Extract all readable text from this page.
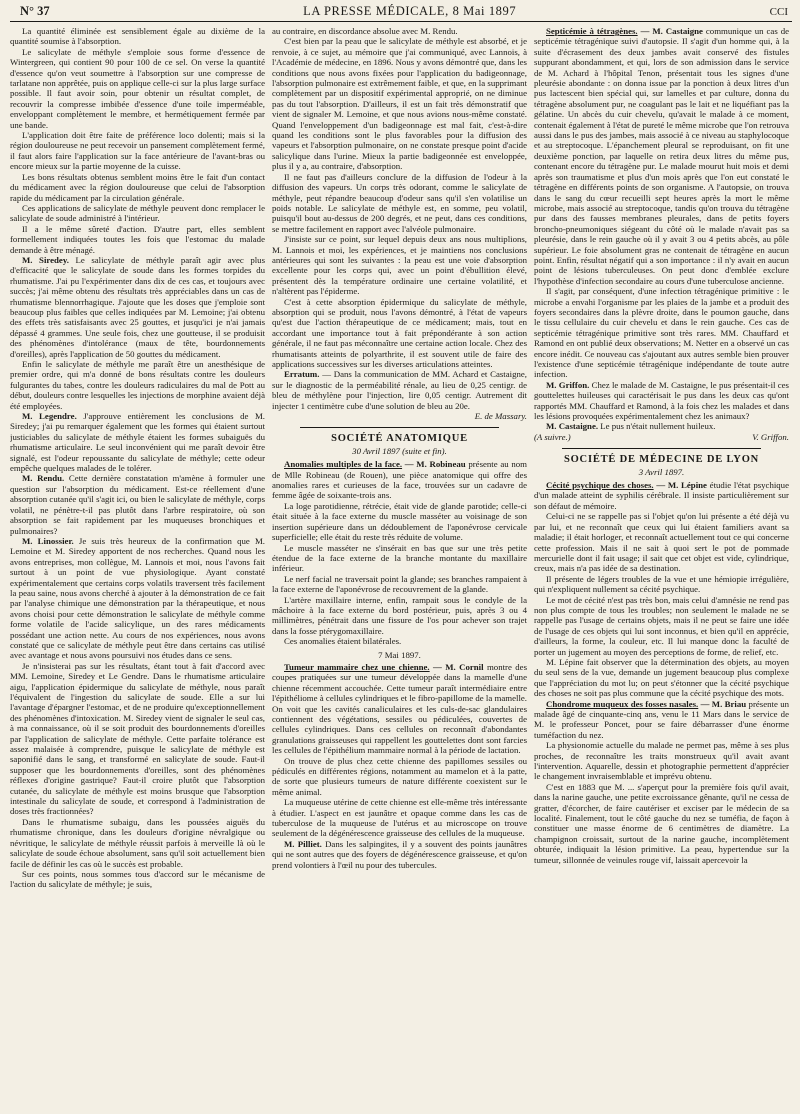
N° 37	LA PRESSE MÉDICALE, 8 Mai 1897	CCI

La quantité éliminée est sensiblement égale au dixième de la quantité soumise à l'absorption.

Le salicylate de méthyle s'emploie sous forme d'essence de Wintergreen, qui contient 90 pour 100 de ce sel. On verse la quantité d'essence qu'on veut soumettre à l'absorption sur une compresse de tarlatane non apprêtée, puis on applique celle-ci sur la plus large surface possible. Il faut avoir soin, pour obtenir un résultat complet, de recouvrir la compresse imbibée d'essence d'une toile imperméable, enveloppant complètement le membre, et hermétiquement fermée par une bande.

L'application doit être faite de préférence loco dolenti; mais si la région douloureuse ne peut recevoir un pansement complètement fermé, il faut alors faire l'application sur la face antérieure de l'avant-bras ou encore mieux sur la partie moyenne de la cuisse.

Les bons résultats obtenus semblent moins être le fait d'un contact du médicament avec la région douloureuse que celui de l'absorption rapide du médicament par la circulation générale.

Ces applications de salicylate de méthyle peuvent donc remplacer le salicylate de soude administré à l'intérieur.

Il a le même sûreté d'action. D'autre part, elles semblent formellement indiquées toutes les fois que l'estomac du malade demande à être ménagé.

M. Siredey. Le salicylate de méthyle paraît agir avec plus d'efficacité que le salicylate de soude dans les formes torpides du rhumatisme. J'ai pu l'expérimenter dans dix de ces cas, et toujours avec succès; j'ai même obtenu des résultats très appréciables dans un cas de rhumatisme blennorrhagique. J'ajoute que les doses que j'emploie sont beaucoup plus faibles que celles indiquées par M. Lemoine; j'ai obtenu des effets très satisfaisants avec 25 gouttes, et jusqu'ici je n'ai jamais dépassé 4 grammes. Une seule fois, chez une goutteuse, il se produisit des phénomènes d'intolérance (maux de tête, bourdonnements d'oreilles), après l'application de 50 gouttes du médicament.

Enfin le salicylate de méthyle me paraît être un anesthésique de premier ordre, qui m'a donné de bons résultats contre les douleurs fulgurantes du tabes, contre les douleurs radiculaires du mal de Pott au début, douleurs contre lesquelles les injections de morphine avaient déjà été employées.

M. Legendre. J'approuve entièrement les conclusions de M. Siredey; j'ai pu remarquer également que les formes qui étaient surtout justiciables du salicylate de méthyle étaient les formes subaiguës du rhumatisme articulaire. Le seul inconvénient qui me paraît devoir être signalé, est l'odeur repoussante du salicylate de méthyle; cette odeur empêche quelques malades de le tolérer.

M. Rendu. Cette dernière constatation m'amène à formuler une question sur l'absorption du médicament. Est-ce réellement d'une absorption cutanée qu'il s'agit ici, ou bien le salicylate de méthyle, corps volatil, ne pénètre-t-il pas plutôt dans l'arbre respiratoire, où son absorption se fait rapidement par les muqueuses bronchiques et pulmonaires?

M. Linossier. Je suis très heureux de la confirmation que M. Lemoine et M. Siredey apportent de nos recherches. Quand nous les avons entreprises, mon collègue, M. Lannois et moi, nous l'avons fait surtout à un point de vue physiologique. Ayant constaté expérimentalement que certains corps volatils traversent très facilement la peau saine, nous avons cherché à ajouter à la démonstration de ce fait par l'analyse chimique une démonstration par la thérapeutique, et nous avons choisi pour cette démonstration le salicylate de méthyle comme forme volatile de l'acide salicylique, un des rares médicaments possédant une action nette. Au cours de nos expériences, nous avons constaté que ce salicylate de méthyle peut être dans certains cas utilisé avec avantage et nous avons poursuivi nos études dans ce sens.

Je n'insisterai pas sur les résultats, étant tout à fait d'accord avec MM. Lemoine, Siredey et Le Gendre. Dans le rhumatisme articulaire aigu, l'application épidermique du salicylate de méthyle, nous paraît l'équivalent de l'ingestion du salicylate de soude. Elle a sur lui l'avantage d'épargner l'estomac, et de ne produire qu'exceptionnellement des phénomènes d'intoxication. M. Siredey vient de signaler le seul cas, à ma connaissance, où il se soit produit des bourdonnements d'oreilles par l'application de salicylate de méthyle. Cette parfaite tolérance est assez malaisée à comprendre, puisque le salicylate de méthyle est saponifié dans le sang, et transformé en salicylate de soude. Faut-il supposer que les bourdonnements d'oreilles, sont des phénomènes réflexes d'origine gastrique? Faut-il croire plutôt que l'absorption cutanée, du salicylate de méthyle est moins brusque que l'absorption intestinale du salicylate de soude, et correspond à l'administration de doses très fractionnées?

Dans le rhumatisme subaigu, dans les poussées aiguës du rhumatisme chronique, dans les douleurs d'origine névralgique ou névritique, le salicylate de méthyle réussit parfois à merveille là où le salicylate de soude échoue absolument, sans qu'il soit actuellement bien facile de définir les cas où le succès est probable.

Sur ces points, nous sommes tous d'accord sur le mécanisme de l'action du salicylate de méthyle; je suis,

au contraire, en discordance absolue avec M. Rendu.

C'est bien par la peau que le salicylate de méthyle est absorbé, et je renvoie, à ce sujet, au mémoire que j'ai communiqué, avec Lannois, à l'Académie de médecine, en 1896. Nous y avons démontré que, dans les conditions que nous avons fixées pour l'application du badigeonnage, l'absorption pulmonaire est extrêmement faible, et que, en la supprimant complètement par un dispositif expérimental approprié, on ne diminue pas du tout l'absorption. D'ailleurs, il est un fait très démonstratif que vient de signaler M. Lemoine, et que nous avions nous-même constaté. Quand l'enveloppement d'un badigeonnage est mal fait, c'est-à-dire quand les conditions sont le plus favorables pour la diffusion des vapeurs et l'absorption pulmonaire, on ne constate presque point d'acide salicylique dans l'urine. Mieux la partie badigeonnée est enveloppée, plus il y a, au contraire, d'absorption.

Il ne faut pas d'ailleurs conclure de la diffusion de l'odeur à la diffusion des vapeurs. Un corps très odorant, comme le salicylate de méthyle, peut répandre beaucoup d'odeur sans qu'il s'en volatilise un poids notable. Le salicylate de méthyle est, en somme, peu volatil, puisqu'il bout au-dessus de 200 degrés, et ne peut, dans ces conditions, se mettre facilement en rapport avec l'alvéole pulmonaire.

J'insiste sur ce point, sur lequel depuis deux ans nous multiplions, M. Lannois et moi, les expériences, et je maintiens nos conclusions antérieures qui sont les suivantes : la peau est une voie d'absorption excellente pour les corps qui, avec un point d'ébullition élevé, présentent dès la température ordinaire une certaine volatilité, et n'altèrent pas l'épiderme.

C'est à cette absorption épidermique du salicylate de méthyle, absorption qui se produit, nous l'avons démontré, à l'état de vapeurs qu'est due l'action thérapeutique de ce médicament; mais, tout en accordant une importance tout à fait prépondérante à son action générale, il ne faut pas méconnaître une certaine action locale. Chez des rhumatisants atteints de polyarthrite, il est souvent utile de faire des applications successives sur les diverses articulations atteintes.

Erratum. — Dans la communication de MM. Achard et Castaigne, sur le diagnostic de la perméabilité rénale, au lieu de 0,25 centigr. de bleu de méthylène pour l'injection, lire 0,05 centigr. Autrement dit injecter 1 centimètre cube d'une solution de bleu au 20e.

E. de Massary.
SOCIÉTÉ ANATOMIQUE
30 Avril 1897 (suite et fin).

Anomalies multiples de la face. — M. Robineau présente au nom de Mlle Robineau (de Rouen), une pièce anatomique qui offre des anomalies rares et curieuses de la face, trouvées sur un cadavre de femme âgée de soixante-trois ans.

La loge parotidienne, rétrécie, était vide de glande parotide; celle-ci était située à la face externe du muscle masséter au voisinage de son insertion supérieure dans un dédoublement de l'aponévrose cervicale superficielle; elle était du reste très réduite de volume.

Le muscle masséter ne s'insérait en bas que sur une très petite étendue de la face externe de la branche montante du maxillaire inférieur.

Le nerf facial ne traversait point la glande; ses branches rampaient à la face externe de l'aponévrose de recouvrement de la glande.

L'artère maxillaire interne, enfin, rampait sous le condyle de la mâchoire à la face externe du bord postérieur, puis, après 3 ou 4 millimètres, pénétrait dans une fissure de l'os pour achever son trajet dans la fosse ptérygomaxillaire.

Ces anomalies étaient bilatérales.

7 Mai 1897.

Tumeur mammaire chez une chienne. — M. Cornil montre des coupes pratiquées sur une tumeur développée dans la mamelle d'une chienne récemment accouchée. Cette tumeur paraît intermédiaire entre l'épithéliome à cellules cylindriques et le fibro-papillome de la mamelle. On voit que les cavités canaliculaires et les culs-de-sac glandulaires contiennent des végétations, sessiles ou pédiculées, couvertes de cellules cylindriques. Dans ces cellules on reconnaît d'abondantes granulations graisseuses qui rappellent les gouttelettes dont sont farcies les cellules de l'épithélium mammaire normal à la période de lactation.

On trouve de plus chez cette chienne des papillomes sessiles ou pédiculés en différentes régions, notamment au mamelon et à la patte, de sorte que plusieurs tumeurs de nature différente coexistent sur le même animal.

La muqueuse utérine de cette chienne est elle-même très intéressante à étudier. L'aspect en est jaunâtre et opaque comme dans les cas de tuberculose de la muqueuse de l'utérus et au microscope on trouve seulement de la dégénérescence graisseuse des cellules de la muqueuse.

M. Pilliet. Dans les salpingites, il y a souvent des points jaunâtres qui ne sont autres que des foyers de dégénérescence graisseuse, et qu'on prend volontiers à l'œil nu pour des tubercules.

Septicémie à tétragènes. — M. Castaigne communique un cas de septicémie tétragénique suivi d'autopsie. Il s'agit d'un homme qui, à la suite d'écrasement des deux jambes avait conservé des fistules suppurant abondamment, et qui, lors de son admission dans le service de M. Achard à l'hôpital Tenon, présentait tous les signes d'une pleurésie abondante : on donna issue par la ponction à deux litres d'un pus lactescent bien spécial qui, sur lamelles et par culture, donna du tétragène absolument pur, ne coagulant pas le lait et ne liquéfiant pas la gélatine. Un abcès du cuir chevelu, qu'avait le malade à ce moment, contenait également à l'état de pureté le même microbe que l'on retrouva aussi dans le pus des jambes, mais associé à ce niveau au staphylocoque et au streptocoque. L'épanchement pleural se reproduisant, on fit une deuxième ponction, par laquelle on retira deux litres du même pus, contenant encore du tétragène pur. Le malade mourut huit mois et demi après son traumatisme et plus d'un mois après que l'on eut constaté le tétragène en différents points de son organisme. A l'autopsie, on trouva dans le sang du cœur recueilli sept heures après la mort le même microbe, mais associé au streptocoque, tandis qu'on trouva du tétragène pur dans des fausses membranes pleurales, dans de petits foyers broncho-pneumoniques siégeant du côté où le malade n'avait pas sa pleurésie, dans le rein gauche où il y avait 3 ou 4 petits abcès, au pôle supérieur. Le foie absolument gras ne contenait de tétragène en aucun point. Enfin, résultat négatif qui a son importance : il n'y avait en aucun point de lésions tuberculeuses. On peut donc d'emblée exclure l'hypothèse d'infection secondaire au cours d'une tuberculose ancienne.

Il s'agit, par conséquent, d'une infection tétragénique primitive : le microbe a envahi l'organisme par les plaies de la jambe et a produit des foyers secondaires dans la plèvre droite, dans le poumon gauche, dans le tissu cellulaire du cuir chevelu et dans le rein gauche. Ces cas de septicémie tétragénique primitive sont très rares. MM. Chauffard et Ramond en ont publié deux observations; M. Netter en a observé un cas encore inédit. Ce nouveau cas s'ajoutant aux autres semble bien prouver l'existence d'une septicémie tétragénique indépendante de toute autre infection.

M. Griffon. Chez le malade de M. Castaigne, le pus présentait-il ces gouttelettes huileuses qui caractérisait le pus dans les deux cas qu'ont rapportés MM. Chauffard et Ramond, à la fois chez les malades et dans les lésions provoquées expérimentalement chez les animaux?

M. Castaigne. Le pus n'était nullement huileux.

(A suivre.)	V. Griffon.
SOCIÉTÉ DE MÉDECINE DE LYON
3 Avril 1897.

Cécité psychique des choses. — M. Lépine étudie l'état psychique d'un malade atteint de syphilis cérébrale. Il insiste particulièrement sur son défaut de mémoire.

Celui-ci ne se rappelle pas si l'objet qu'on lui présente a été déjà vu par lui, et ne reconnaît que ceux qui lui étaient familiers avant sa maladie; il était horloger, et reconnaît actuellement tout ce qui concerne cette profession. Mais il ne sait à quoi sert le pot de pommade mercurielle dont il fait usage; il sait que cet objet est vide, cylindrique, creux, mais n'a pas idée de sa destination.

Il présente de légers troubles de la vue et une hémiopie irrégulière, qui n'expliquent nullement sa cécité psychique.

Le mot de cécité n'est pas très bon, mais celui d'amnésie ne rend pas non plus compte de tous les troubles; non seulement le malade ne se rappelle pas l'usage de certains objets, mais il ne peut se faire une idée de l'usage de ces objets qui lui sont inconnus, et bien qu'il en apprécie, d'ailleurs, la forme, la couleur, etc. Il lui manque donc la faculté de porter un jugement au moyen des perceptions de forme, de relief, etc.

M. Lépine fait observer que la détermination des objets, au moyen du seul sens de la vue, demande un jugement beaucoup plus complexe que l'appréciation du mot lu; on peut s'étonner que la cécité psychique des choses ne soit pas plus commune que la cécité psychique des mots.

Chondrome muqueux des fosses nasales. — M. Briau présente un malade âgé de cinquante-cinq ans, venu le 11 Mars dans le service de M. le professeur Poncet, pour se faire débarrasser d'une énorme tuméfaction du nez.

La physionomie actuelle du malade ne permet pas, même à ses plus proches, de reconnaître les traits monstrueux qu'il avait avant l'intervention. Aquarelle, dessin et photographie permettent d'apprécier le changement invraisemblable et imprévu obtenu.

C'est en 1883 que M. ... s'aperçut pour la première fois qu'il avait, dans la narine gauche, une petite excroissance gênante, qu'il ne cessa de gratter, d'écorcher, de faire cautériser et exciser par le médecin de sa localité. Finalement, tout le côté gauche du nez se tuméfia, de façon à constituer une masse énorme de 6 centimètres de diamètre. La champignon croissait, surtout de la narine gauche, incomplètement obturée, indiquait la lésion primitive. La peau, hypertendue sur la tumeur, sillonnée de veinules rouge vif, laissait apercevoir la
